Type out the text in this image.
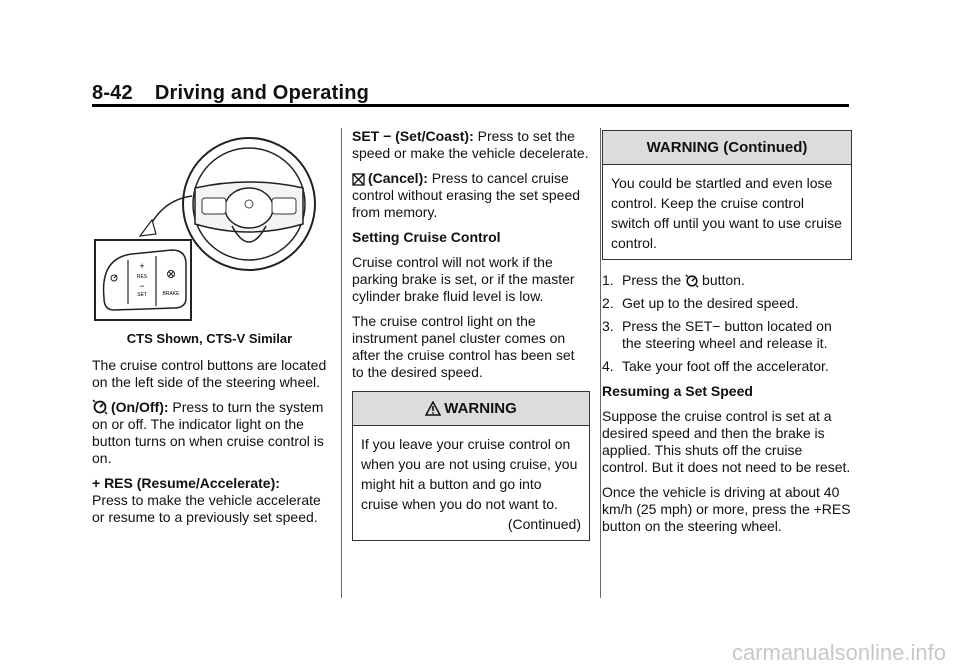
8-42 Driving and Operating
+
RES
−
SET	BRAKE
CTS Shown, CTS-V Similar

The cruise control buttons are located on the left side of the steering wheel.

(On/Off): Press to turn the system on or off. The indicator light on the button turns on when cruise control is on.

+ RES (Resume/Accelerate):
Press to make the vehicle accelerate or resume to a previously set speed.

SET − (Set/Coast): Press to set the speed or make the vehicle decelerate.

(Cancel): Press to cancel cruise control without erasing the set speed from memory.

Setting Cruise Control

Cruise control will not work if the parking brake is set, or if the master cylinder brake fluid level is low.

The cruise control light on the instrument panel cluster comes on after the cruise control has been set to the desired speed.

WARNING
If you leave your cruise control on when you are not using cruise, you might hit a button and go into cruise when you do not want to.
(Continued)
WARNING (Continued)
You could be startled and even lose control. Keep the cruise control switch off until you want to use cruise control.
1. Press the button.
2. Get up to the desired speed.
3. Press the SET− button located on the steering wheel and release it.
4. Take your foot off the accelerator.

Resuming a Set Speed

Suppose the cruise control is set at a desired speed and then the brake is applied. This shuts off the cruise control. But it does not need to be reset.

Once the vehicle is driving at about 40 km/h (25 mph) or more, press the +RES button on the steering wheel.

carmanualsonline.info
